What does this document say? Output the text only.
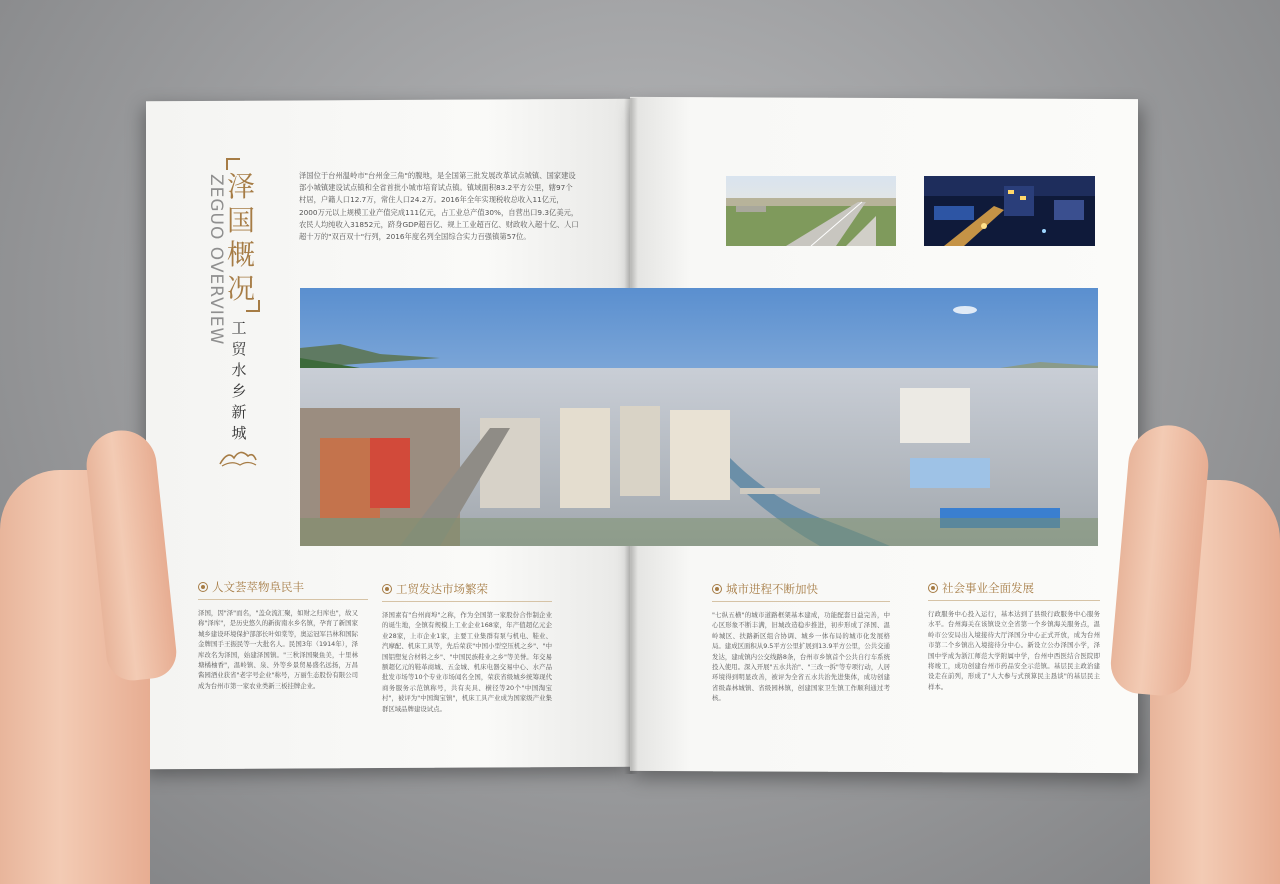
泽国概况
ZEGUO OVERVIEW 工贸水乡新城
泽国位于台州温岭市"台州金三角"的腹地，是全国第三批发展改革试点城镇、国家建设部小城镇建设试点镇和全省首批小城市培育试点镇。镇域面积83.2平方公里，辖97个村居，户籍人口12.7万，常住人口24.2万。2016年全年实现税收总收入11亿元，2000万元以上规模工业产值完成111亿元，占工业总产值30%，自营出口9.3亿美元，农民人均纯收入31852元，跻身GDP超百亿、规上工业超百亿、财政收入超十亿、人口超十万的"双百双十"行列，2016年度名列全国综合实力百强镇第57位。
人文荟萃物阜民丰
泽国，因"泽"而名，"盖众流汇聚，如财之归库也"，故又称"泽库"，是历史悠久的新街南水乡名镇，孕育了新国家城乡建设环境保护部部长叶如棠等，奥运冠军吕林和国际金牌国手王振民等一大批名人。民国3年（1914年），泽库改名为泽国，始建泽国镇。"三秋泽国聚鱼美，十里林塘橘柚香"，温岭镇、泉、外等乡景贸易盛名远扬，万昌酱园酒业获省"老字号企业"称号，万丽生态股份有限公司成为台州市第一家农业类新三板挂牌企业。
工贸发达市场繁荣
泽国素有"台州商埠"之称，作为全国第一家股份合作制企业的诞生地，全镇有规模上工业企业168家，年产值超亿元企业28家，上市企业1家，主要工业集群有泵与机电、鞋业、汽摩配、机床工具等，先后荣获"中国小型空压机之乡"、"中国铝塑复合材料之乡"、"中国民族鞋业之乡"等美誉。年交易额超亿元的鞋革商城、五金城、机床电器交易中心、水产品批发市场等10个专业市场闻名全国，荣获省级城乡统筹现代商务服务示范镇称号，共有夹具、横径等20个"中国淘宝村"，被评为"中国淘宝镇"，机床工具产业成为国家级产业集群区域品牌建设试点。
城市进程不断加快
"七纵五横"的城市道路框架基本建成，功能配套日益完善，中心区形象不断丰满，旧城改造稳步推进，初步形成了泽国、温岭城区、扶路新区组合协调、城乡一体布局的城市化发展格局。建成区面积从9.5平方公里扩展到13.9平方公里，公共交通发达，建成镇内公交线路8条，台州市乡镇首个公共自行车系统投入使用。深入开展"五水共治"、"三改一拆"等专项行动，人居环境得到明显改善，被评为全省五水共治先进集体，成功创建省级森林城镇、省级园林镇，创建国家卫生镇工作顺利通过考核。
社会事业全面发展
行政服务中心投入运行，基本达到了县级行政服务中心服务水平。台州海关在该镇设立全省第一个乡镇海关服务点，温岭市公安局出入境接待大厅泽国分中心正式开放，成为台州市第二个乡镇出入境接待分中心。新设立公办泽国小学，泽国中学成为浙江师范大学附属中学，台州中西医结合医院即将竣工，成功创建台州市药品安全示范镇。基层民主政治建设走在前列，形成了"人大参与式预算民主恳谈"的基层民主样本。
